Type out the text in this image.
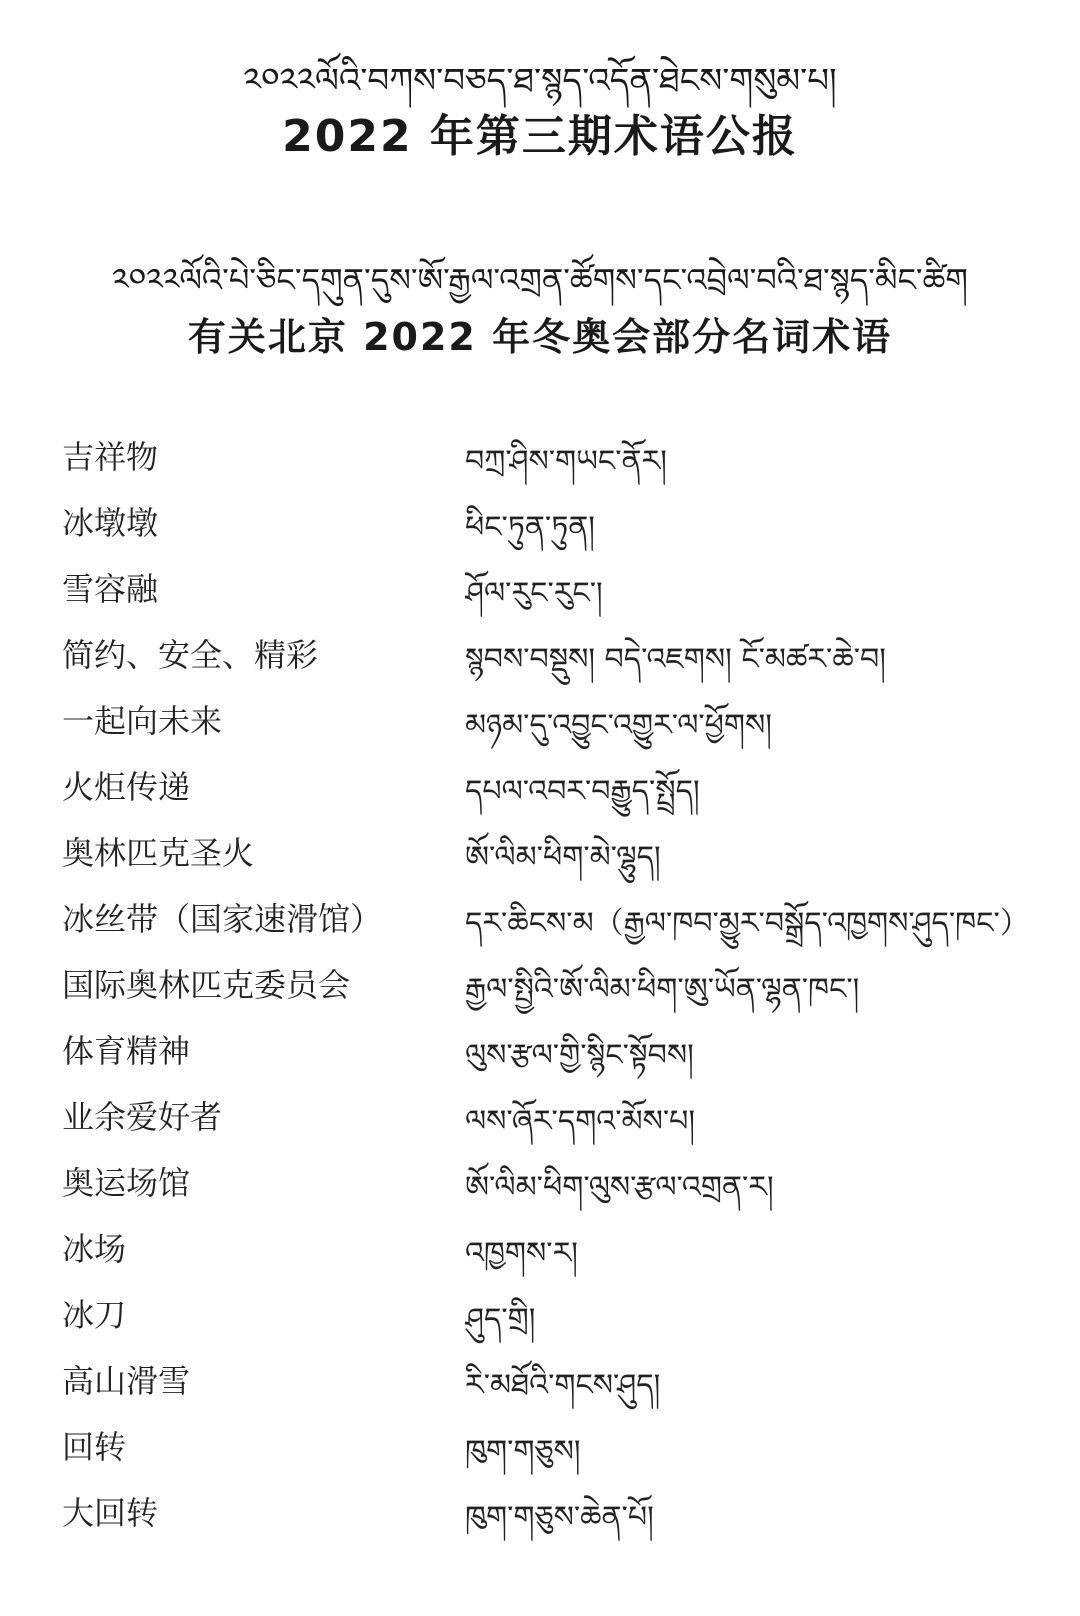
༢༠༢༢ལོའི་བཀས་བཅད་ཐ་སྙད་འདོན་ཐེངས་གསུམ་པ།
2022 年第三期术语公报
༢༠༢༢ལོའི་པེ་ཅིང་དགུན་དུས་ཨོ་རྒྱལ་འགྲན་ཚོགས་དང་འབྲེལ་བའི་ཐ་སྙད་མིང་ཚིག
有关北京 2022 年冬奥会部分名词术语
吉祥物	བཀྲ་ཤིས་གཡང་ནོར།
冰墩墩	ཕིང་ཏུན་ཏུན།
雪容融	ཤོལ་རུང་རུང་།
简约、安全、精彩	སྙབས་བསྡུས། བདེ་འཇགས། ངོ་མཚར་ཆེ་བ།
一起向未来	མཉམ་དུ་འབྱུང་འགྱུར་ལ་ཕྱོགས།
火炬传递	དཔལ་འབར་བརྒྱུད་སྤྲོད།
奥林匹克圣火	ཨོ་ལིམ་ཕིག་མེ་ལྷུད།
冰丝带（国家速滑馆）	དར་ཆིངས་མ（རྒྱལ་ཁབ་མྱུར་བསྒྲོད་འཁྱགས་ཤུད་ཁང་）
国际奥林匹克委员会	རྒྱལ་སྤྱིའི་ཨོ་ལིམ་ཕིག་ཨུ་ཡོན་ལྷན་ཁང་།
体育精神	ལུས་རྩལ་གྱི་སྙིང་སྟོབས།
业余爱好者	ལས་ཞོར་དགའ་མོས་པ།
奥运场馆	ཨོ་ལིམ་ཕིག་ལུས་རྩལ་འགྲན་ར།
冰场	འཁྱགས་ར།
冰刀	ཤུད་གྲི།
高山滑雪	རི་མཐོའི་གངས་ཤུད།
回转	ཁུག་གཅུས།
大回转	ཁུག་གཅུས་ཆེན་པོ།
